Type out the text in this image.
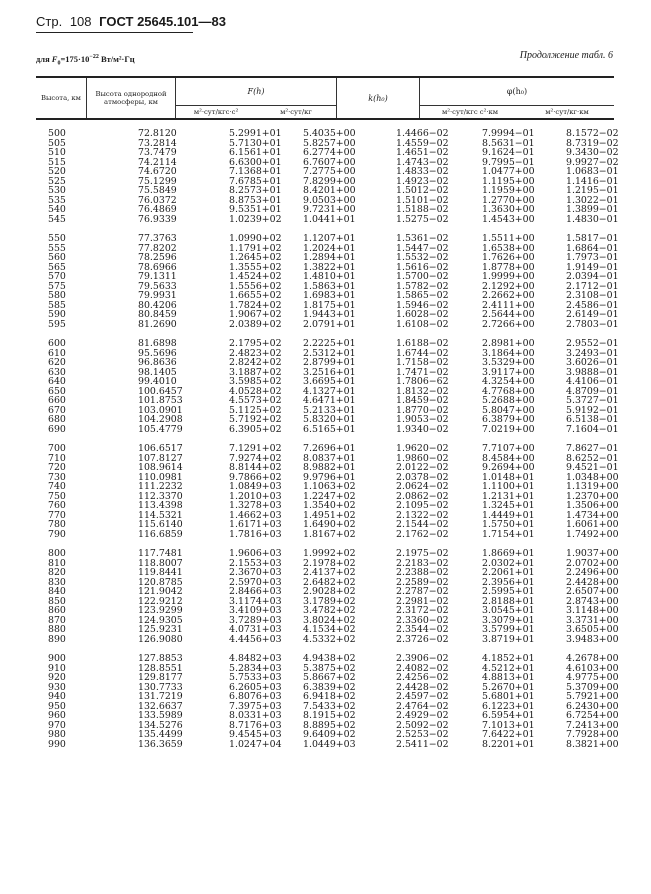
Стр. 108 ГОСТ 25645.101—83
для $F_0=175\cdot 10^{-22}$ Вт/м²·Гц	Продолжение табл. 6
Высота, км	Высота однородной атмосферы, км	F(h)		k(h₀)	φ(h₀)	
		м²·сут/кгс·с²	м²·сут/кг		м²·сут/кгс с²·км	м²·сут/кг·км
500	72.8120	5.2991+01 5.4035+00	1.4466−02	7.9994−01	8.1572−02
505	73.2814	5.7130+01 5.8257+00	1.4559−02	8.5631−01	8.7319−02
510	73.7479	6.1561+01 6.2774+00	1.4651−02	9.1624−01	9.3430−02
515	74.2114	6.6300+01 6.7607+00	1.4743−02	9.7995−01	9.9927−02
520	74.6720	7.1368+01 7.2775+00	1.4833−02	1.0477+00	1.0683−01
525	75.1299	7.6785+01 7.8299+00	1.4923−02	1.1195+00	1.1416−01
530	75.5849	8.2573+01 8.4201+00	1.5012−02	1.1959+00	1.2195−01
535	76.0372	8.8753+01 9.0503+00	1.5101−02	1.2770+00	1.3022−01
540	76.4869	9.5351+01 9.7231+00	1.5188−02	1.3630+00	1.3899−01
545	76.9339	1.0239+02 1.0441+01	1.5275−02	1.4543+00	1.4830−01
550	77.3763	1.0990+02 1.1207+01	1.5361−02	1.5511+00	1.5817−01
555	77.8202	1.1791+02 1.2024+01	1.5447−02	1.6538+00	1.6864−01
560	78.2596	1.2645+02 1.2894+01	1.5532−02	1.7626+00	1.7973−01
565	78.6966	1.3555+02 1.3822+01	1.5616−02	1.8778+00	1.9149−01
570	79.1311	1.4524+02 1.4810+01	1.5700−02	1.9999+00	2.0394−01
575	79.5633	1.5556+02 1.5863+01	1.5782−02	2.1292+00	2.1712−01
580	79.9931	1.6655+02 1.6983+01	1.5865−02	2.2662+00	2.3108−01
585	80.4206	1.7824+02 1.8175+01	1.5946−02	2.4111+00	2.4586−01
590	80.8459	1.9067+02 1.9443+01	1.6028−02	2.5644+00	2.6149−01
595	81.2690	2.0389+02 2.0791+01	1.6108−02	2.7266+00	2.7803−01
600	81.6898	2.1795+02 2.2225+01	1.6188−02	2.8981+00	2.9552−01
610	95.5696	2.4823+02 2.5312+01	1.6744−02	3.1864+00	3.2493−01
620	96.8636	2.8242+02 2.8799+01	1.7158−02	3.5329+00	3.6026−01
630	98.1405	3.1887+02 3.2516+01	1.7471−02	3.9117+00	3.9888−01
640	99.4010	3.5985+02 3.6695+01	1.7806−62	4.3254+00	4.4106−01
650	100.6457	4.0528+02 4.1327+01	1.8132−02	4.7768+00	4.8709−01
660	101.8753	4.5573+02 4.6471+01	1.8459−02	5.2688+00	5.3727−01
670	103.0901	5.1125+02 5.2133+01	1.8770−02	5.8047+00	5.9192−01
680	104.2908	5.7192+02 5.8320+01	1.9053−02	6.3879+00	6.5138−01
690	105.4779	6.3905+02 6.5165+01	1.9340−02	7.0219+00	7.1604−01
700	106.6517	7.1291+02 7.2696+01	1.9620−02	7.7107+00	7.8627−01
710	107.8127	7.9274+02 8.0837+01	1.9860−02	8.4584+00	8.6252−01
720	108.9614	8.8144+02 8.9882+01	2.0122−02	9.2694+00	9.4521−01
730	110.0981	9.7866+02 9.9796+01	2.0378−02	1.0148+01	1.0348+00
740	111.2232	1.0849+03 1.1063+02	2.0624−02	1.1100+01	1.1319+00
750	112.3370	1.2010+03 1.2247+02	2.0862−02	1.2131+01	1.2370+00
760	113.4398	1.3278+03 1.3540+02	2.1095−02	1.3245+01	1.3506+00
770	114.5321	1.4662+03 1.4951+02	2.1322−02	1.4449+01	1.4734+00
780	115.6140	1.6171+03 1.6490+02	2.1544−02	1.5750+01	1.6061+00
790	116.6859	1.7816+03 1.8167+02	2.1762−02	1.7154+01	1.7492+00
800	117.7481	1.9606+03 1.9992+02	2.1975−02	1.8669+01	1.9037+00
810	118.8007	2.1553+03 2.1978+02	2.2183−02	2.0302+01	2.0702+00
820	119.8441	2.3670+03 2.4137+02	2.2388−02	2.2061+01	2.2496+00
830	120.8785	2.5970+03 2.6482+02	2.2589−02	2.3956+01	2.4428+00
840	121.9042	2.8466+03 2.9028+02	2.2787−02	2.5995+01	2.6507+00
850	122.9212	3.1174+03 3.1789+02	2.2981−02	2.8188+01	2.8743+00
860	123.9299	3.4109+03 3.4782+02	2.3172−02	3.0545+01	3.1148+00
870	124.9305	3.7289+03 3.8024+02	2.3360−02	3.3079+01	3.3731+00
880	125.9231	4.0731+03 4.1534+02	2.3544−02	3.5799+01	3.6505+00
890	126.9080	4.4456+03 4.5332+02	2.3726−02	3.8719+01	3.9483+00
900	127.8853	4.8482+03 4.9438+02	2.3906−02	4.1852+01	4.2678+00
910	128.8551	5.2834+03 5.3875+02	2.4082−02	4.5212+01	4.6103+00
920	129.8177	5.7533+03 5.8667+02	2.4256−02	4.8813+01	4.9775+00
930	130.7733	6.2605+03 6.3839+02	2.4428−02	5.2670+01	5.3709+00
940	131.7219	6.8076+03 6.9418+02	2.4597−02	5.6801+01	5.7921+00
950	132.6637	7.3975+03 7.5433+02	2.4764−02	6.1223+01	6.2430+00
960	133.5989	8.0331+03 8.1915+02	2.4929−02	6.5954+01	6.7254+00
970	134.5276	8.7176+03 8.8895+02	2.5092−02	7.1013+01	7.2413+00
980	135.4499	9.4545+03 9.6409+02	2.5253−02	7.6422+01	7.7928+00
990	136.3659	1.0247+04 1.0449+03	2.5411−02	8.2201+01	8.3821+00
